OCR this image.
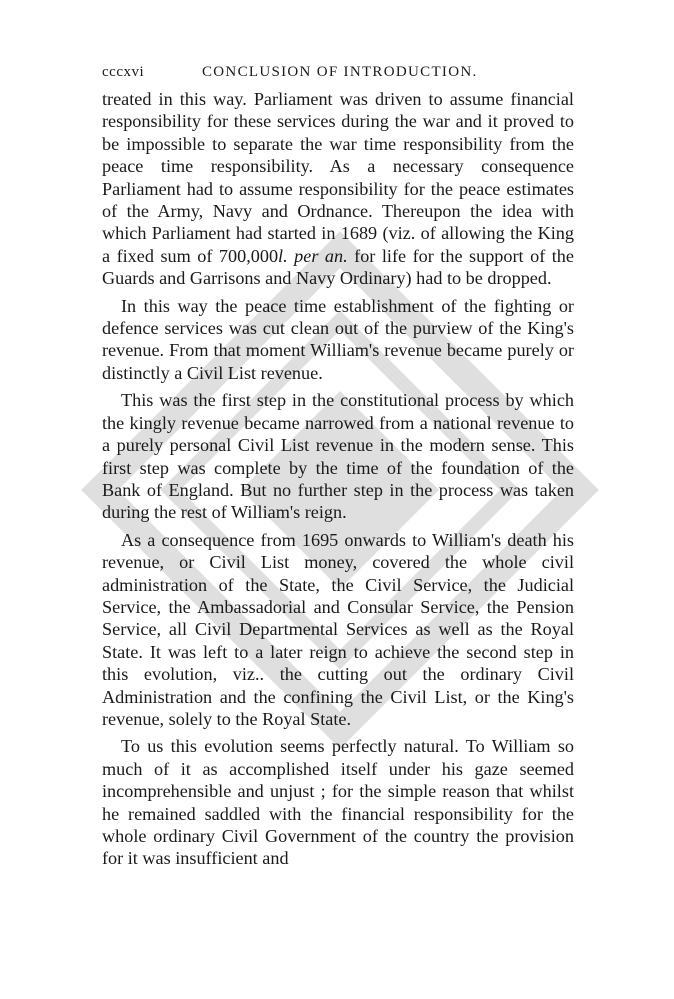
cccxvi	CONCLUSION OF INTRODUCTION.

treated in this way. Parliament was driven to assume financial responsibility for these services during the war and it proved to be impossible to separate the war time responsibility from the peace time responsibility. As a necessary consequence Parliament had to assume responsibility for the peace estimates of the Army, Navy and Ordnance. Thereupon the idea with which Parliament had started in 1689 (viz. of allowing the King a fixed sum of 700,000l. per an. for life for the support of the Guards and Garrisons and Navy Ordinary) had to be dropped.

In this way the peace time establishment of the fighting or defence services was cut clean out of the purview of the King's revenue. From that moment William's revenue became purely or distinctly a Civil List revenue.

This was the first step in the constitutional process by which the kingly revenue became narrowed from a national revenue to a purely personal Civil List revenue in the modern sense. This first step was complete by the time of the foundation of the Bank of England. But no further step in the process was taken during the rest of William's reign.

As a consequence from 1695 onwards to William's death his revenue, or Civil List money, covered the whole civil administration of the State, the Civil Service, the Judicial Service, the Ambassadorial and Consular Service, the Pension Service, all Civil Departmental Services as well as the Royal State. It was left to a later reign to achieve the second step in this evolution, viz.. the cutting out the ordinary Civil Administration and the confining the Civil List, or the King's revenue, solely to the Royal State.

To us this evolution seems perfectly natural. To William so much of it as accomplished itself under his gaze seemed incomprehensible and unjust ; for the simple reason that whilst he remained saddled with the financial responsibility for the whole ordinary Civil Government of the country the provision for it was insufficient and
